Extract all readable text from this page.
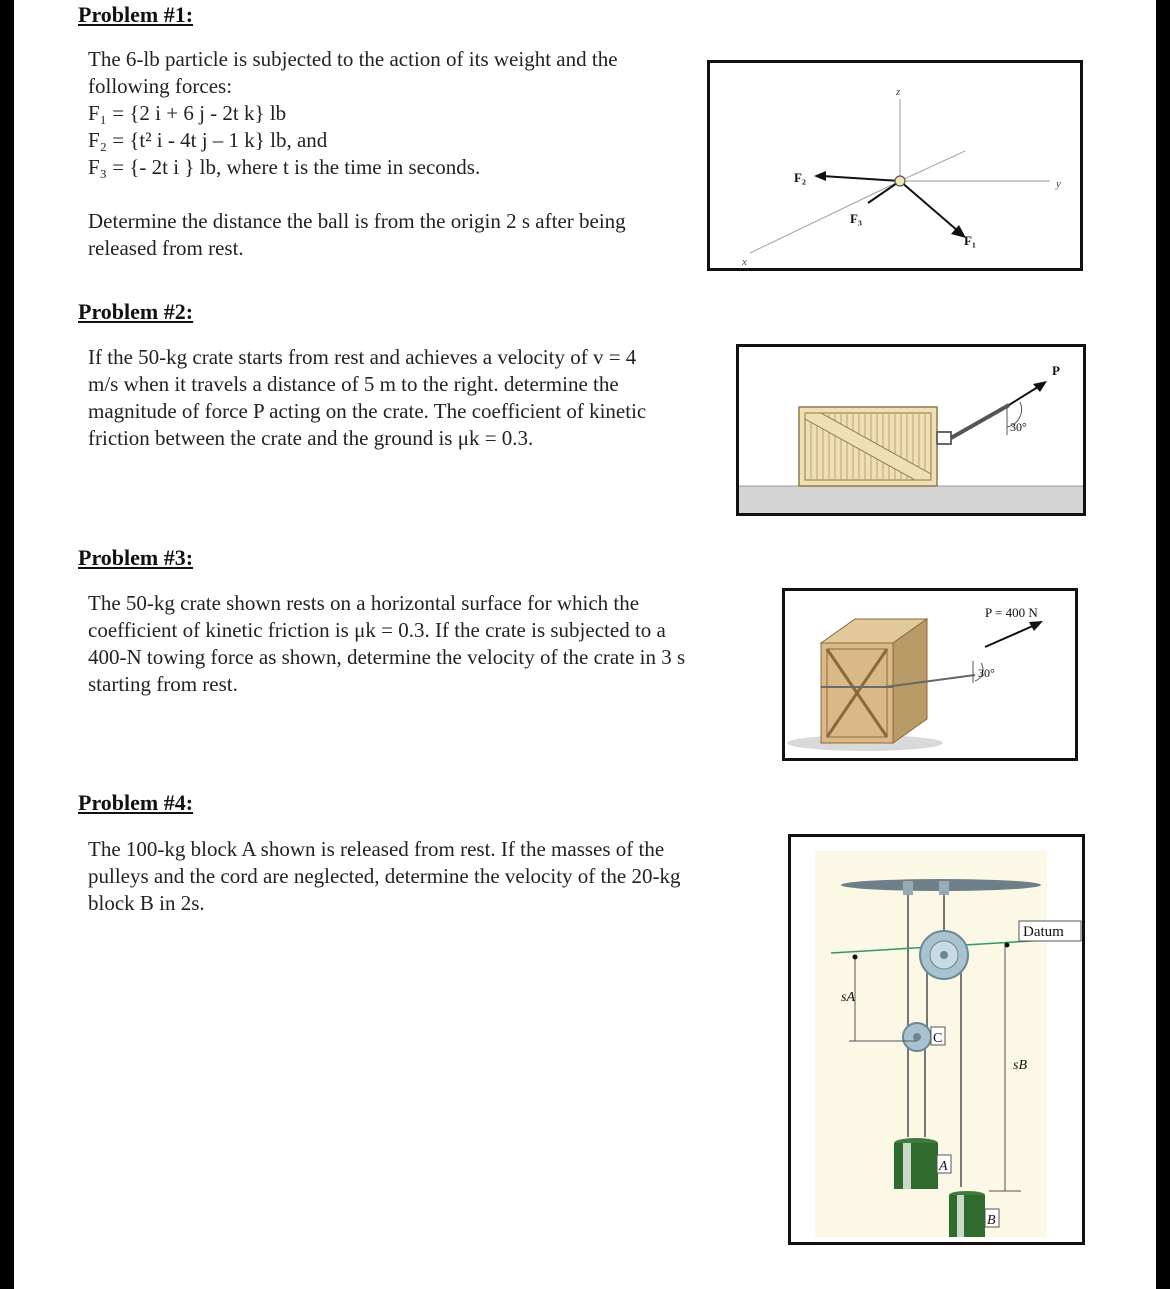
Problem #1:

The 6-lb particle is subjected to the action of its weight and the

following forces:

F₁ = {2 i + 6 j - 2t k} lb

F₂ = {t² i - 4t j – 1 k} lb, and

F₃ = {- 2t i } lb, where t is the time in seconds.

Determine the distance the ball is from the origin 2 s after being

released from rest.

z
y
x
F₁
F₂
F₃
Problem #2:

If the 50-kg crate starts from rest and achieves a velocity of v = 4

m/s when it travels a distance of 5 m to the right. determine the

magnitude of force P acting on the crate. The coefficient of kinetic

friction between the crate and the ground is μk = 0.3.

P
30°
Problem #3:

The 50-kg crate shown rests on a horizontal surface for which the

coefficient of kinetic friction is μk = 0.3. If the crate is subjected to a

400-N towing force as shown, determine the velocity of the crate in 3 s

starting from rest.

P = 400 N
30°
Problem #4:

The 100-kg block A shown is released from rest. If the masses of the

pulleys and the cord are neglected, determine the velocity of the 20-kg

block B in 2s.

Datum
sA
sB
C
A
B
